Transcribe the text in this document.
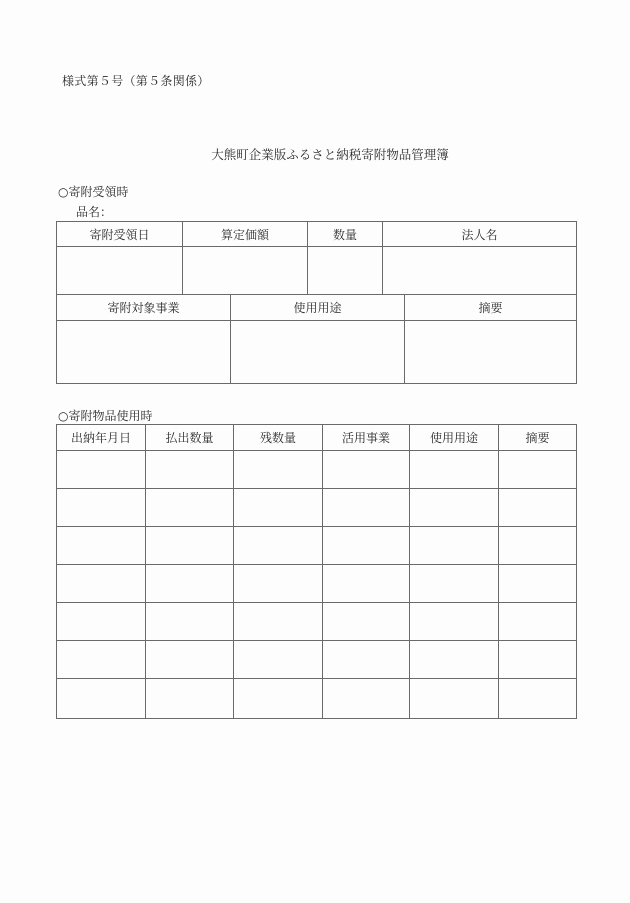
様式第５号（第５条関係）
大熊町企業版ふるさと納税寄附物品管理簿
○寄附受領時
品名：
寄附受領日	算定価額	数量	法人名
寄附対象事業	使用用途	摘要
○寄附物品使用時
出納年月日	払出数量	残数量	活用事業	使用用途	摘要
